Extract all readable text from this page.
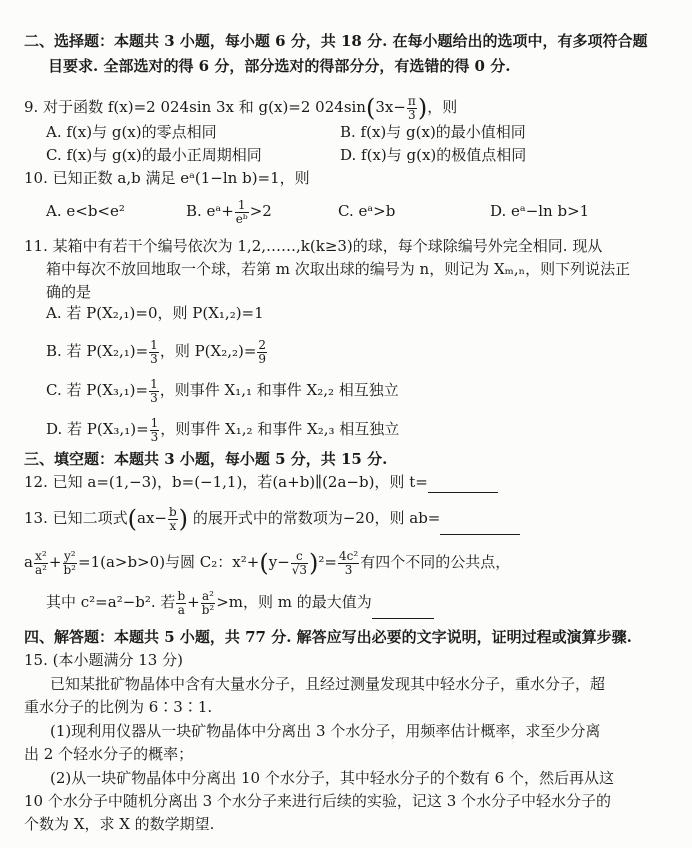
二、选择题：本题共 3 小题，每小题 6 分，共 18 分. 在每小题给出的选项中，有多项符合题
目要求. 全部选对的得 6 分，部分选对的得部分分，有选错的得 0 分.
9. 对于函数 f(x)=2 024sin 3x 和 g(x)=2 $024\sin(3x- \frac{\pi}{3}$ )，则
A. f(x)与 g(x)的零点相同	B. f(x)与 g(x)的最小值相同
C. f(x)与 g(x)的最小正周期相同	D. f(x)与 g(x)的极值点相同
10. 已知正数 a,b 满足 eᵃ(1−ln b)=1，则
A. e<b<e²	B. eᵃ+ $\frac{1}{\text{eᵇ}} >2$	C. eᵃ>b	D. eᵃ−ln b>1
11. 某箱中有若干个编号依次为 1,2,……,k(k≥3)的球，每个球除编号外完全相同. 现从
箱中每次不放回地取一个球，若第 m 次取出球的编号为 n，则记为 Xₘ,ₙ，则下列说法正
确的是
A. 若 P(X₂,₁)=0，则 P(X₁,₂)=1
B. 若 $P(X_2,_1)= \frac{1}{3}$ ，则 $P(X_2,_2)= \frac{2}{9}$
C. 若 $P(X_3,_1)= \frac{1}{3}$ ，则事件 X₁,₁ 和事件 X₂,₂ 相互独立
D. 若 $P(X_3,_1)= \frac{1}{3}$ ，则事件 X₁,₂ 和事件 X₂,₃ 相互独立
三、填空题：本题共 3 小题，每小题 5 分，共 15 分.
12. 已知 a=(1,−3)，b=(−1,1)，若(a+b)∥(2a−b)，则 t=
13. 已知二项式($ax- \frac{b}{x}$ ) 的展开式中的常数项为−20，则 ab=
a $\frac{\text{x²}}{\text{a²}} + \frac{\text{y²}}{\text{b²}} =1(a>b>0)$与圆 C₂：$x^2+(y- \frac{c}{√3} )^2= \frac{\text{4c²}}{3}$ 有四个不同的公共点，
其中 c²=a²−b². 若 $\frac{b}{a} + \frac{\text{a²}}{\text{b²}} >m$，则 m 的最大值为
四、解答题：本题共 5 小题，共 77 分. 解答应写出必要的文字说明，证明过程或演算步骤.
15. (本小题满分 13 分)
已知某批矿物晶体中含有大量水分子，且经过测量发现其中轻水分子，重水分子，超
重水分子的比例为 6∶3∶1.
(1)现利用仪器从一块矿物晶体中分离出 3 个水分子，用频率估计概率，求至少分离
出 2 个轻水分子的概率；
(2)从一块矿物晶体中分离出 10 个水分子，其中轻水分子的个数有 6 个，然后再从这
10 个水分子中随机分离出 3 个水分子来进行后续的实验，记这 3 个水分子中轻水分子的
个数为 X，求 X 的数学期望.
